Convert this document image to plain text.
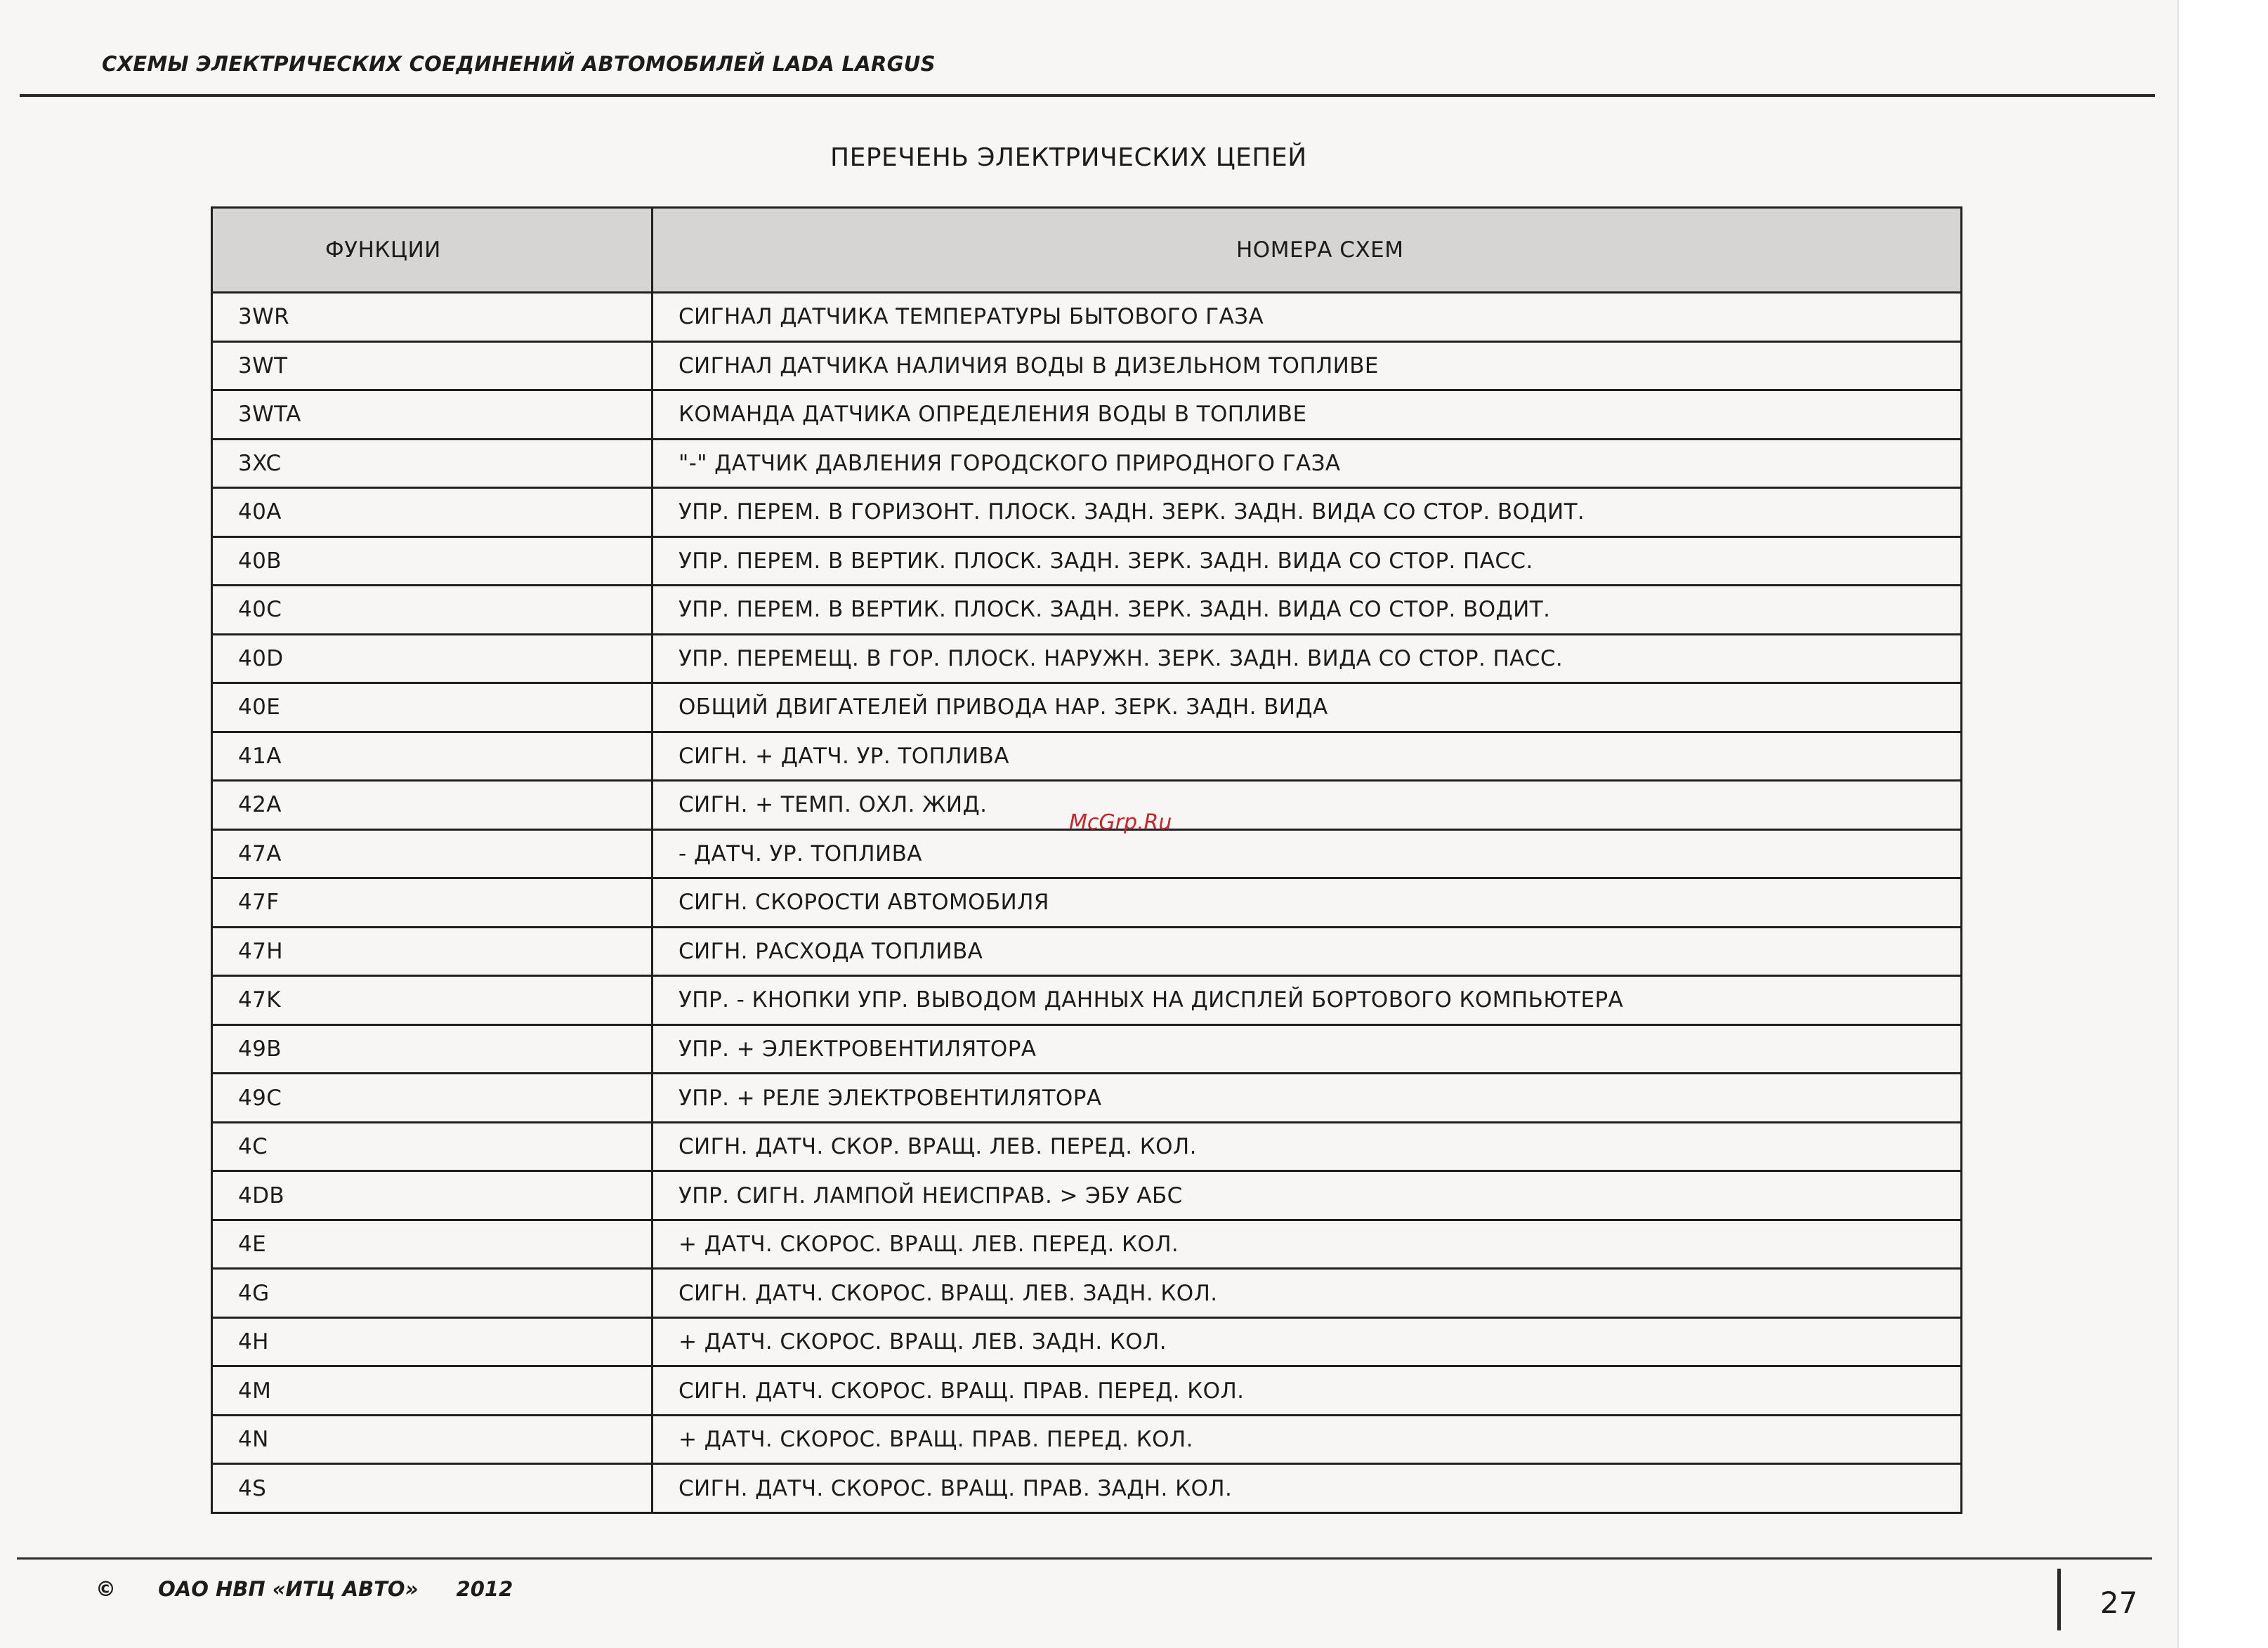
СХЕМЫ ЭЛЕКТРИЧЕСКИХ СОЕДИНЕНИЙ АВТОМОБИЛЕЙ LADA LARGUS
ПЕРЕЧЕНЬ ЭЛЕКТРИЧЕСКИХ ЦЕПЕЙ
ФУНКЦИИ	НОМЕРА СХЕМ
3WR	СИГНАЛ ДАТЧИКА ТЕМПЕРАТУРЫ БЫТОВОГО ГАЗА
3WT	СИГНАЛ ДАТЧИКА НАЛИЧИЯ ВОДЫ В ДИЗЕЛЬНОМ ТОПЛИВЕ
3WTA	КОМАНДА ДАТЧИКА ОПРЕДЕЛЕНИЯ ВОДЫ В ТОПЛИВЕ
3XC	"-" ДАТЧИК ДАВЛЕНИЯ ГОРОДСКОГО ПРИРОДНОГО ГАЗА
40A	УПР. ПЕРЕМ. В ГОРИЗОНТ. ПЛОСК. ЗАДН. ЗЕРК. ЗАДН. ВИДА СО СТОР. ВОДИТ.
40B	УПР. ПЕРЕМ. В ВЕРТИК. ПЛОСК. ЗАДН. ЗЕРК. ЗАДН. ВИДА СО СТОР. ПАСС.
40C	УПР. ПЕРЕМ. В ВЕРТИК. ПЛОСК. ЗАДН. ЗЕРК. ЗАДН. ВИДА СО СТОР. ВОДИТ.
40D	УПР. ПЕРЕМЕЩ. В ГОР. ПЛОСК. НАРУЖН. ЗЕРК. ЗАДН. ВИДА СО СТОР. ПАСС.
40E	ОБЩИЙ ДВИГАТЕЛЕЙ ПРИВОДА НАР. ЗЕРК. ЗАДН. ВИДА
41A	СИГН. + ДАТЧ. УР. ТОПЛИВА
42A	СИГН. + ТЕМП. ОХЛ. ЖИД.
47A	- ДАТЧ. УР. ТОПЛИВА
47F	СИГН. СКОРОСТИ АВТОМОБИЛЯ
47H	СИГН. РАСХОДА ТОПЛИВА
47K	УПР. - КНОПКИ УПР. ВЫВОДОМ ДАННЫХ НА ДИСПЛЕЙ БОРТОВОГО КОМПЬЮТЕРА
49B	УПР. + ЭЛЕКТРОВЕНТИЛЯТОРА
49C	УПР. + РЕЛЕ ЭЛЕКТРОВЕНТИЛЯТОРА
4C	СИГН. ДАТЧ. СКОР. ВРАЩ. ЛЕВ. ПЕРЕД. КОЛ.
4DB	УПР. СИГН. ЛАМПОЙ НЕИСПРАВ. > ЭБУ АБС
4E	+ ДАТЧ. СКОРОС. ВРАЩ. ЛЕВ. ПЕРЕД. КОЛ.
4G	СИГН. ДАТЧ. СКОРОС. ВРАЩ. ЛЕВ. ЗАДН. КОЛ.
4H	+ ДАТЧ. СКОРОС. ВРАЩ. ЛЕВ. ЗАДН. КОЛ.
4M	СИГН. ДАТЧ. СКОРОС. ВРАЩ. ПРАВ. ПЕРЕД. КОЛ.
4N	+ ДАТЧ. СКОРОС. ВРАЩ. ПРАВ. ПЕРЕД. КОЛ.
4S	СИГН. ДАТЧ. СКОРОС. ВРАЩ. ПРАВ. ЗАДН. КОЛ.
McGrp.Ru
© ОАО НВП «ИТЦ АВТО» 2012	27
